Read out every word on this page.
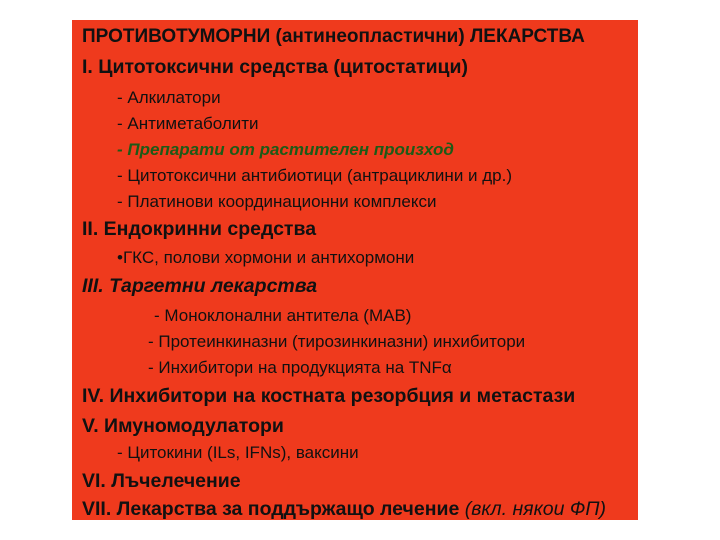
ПРОТИВОТУМОРНИ (антинеопластични) ЛЕКАРСТВА
I. Цитотоксични средства (цитостатици)
- Алкилатори
- Антиметаболити
- Препарати от растителен произход
- Цитотоксични антибиотици (антрациклини и др.)
- Платинови координационни комплекси
II. Ендокринни средства
•ГКС, полови хормони и антихормони
III. Таргетни лекарства
- Моноклонални антитела (MAB)
- Протеинкиназни (тирозинкиназни) инхибитори
- Инхибитори на продукцията на TNFα
IV. Инхибитори на костната резорбция и метастази
V. Имуномодулатори
- Цитокини (ILs, IFNs), ваксини
VI. Лъчелечение
VII. Лекарства за поддържащо лечение (вкл. някои ФП)
